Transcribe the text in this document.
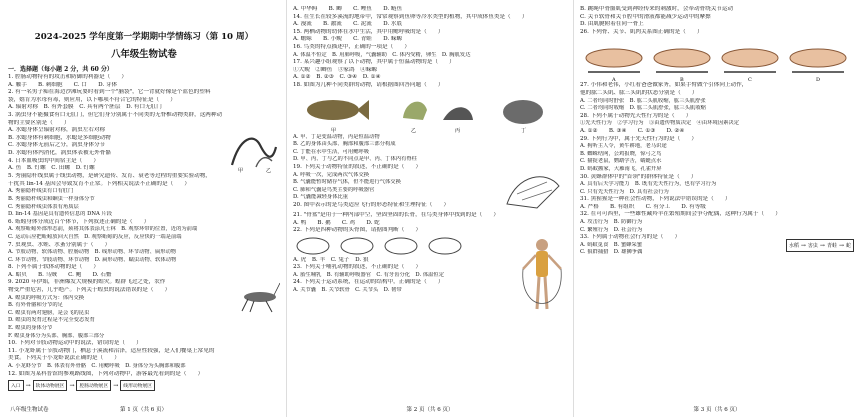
2024-2025 学年度第一学期期中学情练习（第 10 周）
八年级生物试卷
一．选择题（每小题 2 分，共 60 分）
1. 腔肠动物特有的攻击和防御的利器是（　　）
A. 触手　　 B. 刺细胞　　 C. 口　　 D. 芽体
2. 有一名男子痴在海边沙滩玩耍时看到一个"脑袋"，它一背就好像是个蓝色的塑料
袋，嬉肯为水母有毒，则应用，以下哪项不符合它的特征是（　　）
A. 辐射对称　 B. 有外套膜　 C. 具有两个胚层　 D. 有口无肛门
3. 涡虫身不能摄食有口无肛门，但它们身分别属于不同类的无脊椎动物类群，这两种动
物的主要区别是（　　）
A. 水螅身体呈辐射对称，涡虫左右对称
B. 水螅身体有刺细胞，水螅是多细胞动物
C. 水螅身体无前后之分，涡虫身体分节
D. 水螅有体内消化，涡虫体表被无外骨骼
4. 日本血吸虫的中间宿主是（　　）
A. 鱼　 B. 钉螺　 C. 田螺　 D. 钉螺
甲	乙
5. 秀丽隐杆线虫属于线虫动物，是研究遗传、发育、衰老等过程的重要实验动物，
干扰其 lin-14 基因会导致发育不正常。下列相关说法不正确的是（　　）
A. 秀丽隐杆线虫有口有肛门
B. 秀丽隐杆线虫和蛔虫一样身体分节
C. 秀丽隐杆线虫体表有角质层
D. lin-14 基因是具有遗传信息的 DNA 片段
6. 蚯蚓身体分成近百个体节，下列叙述正确的是（　　）
A. 观察蚯蚓外部形态前，须将其体表涂凡士林　 B. 观察环带的位置，近的为前端
C. 运动后应把蚯蚓放回大自然　 D. 观察蚯蚓的反应，反应快的一端是前端
7. 虫观虫、水蛭、水蚤分别属于（　　）
A. 节肢动物、软体动物、腔肠动物　 B. 线形动物、环节动物、扁形动物
C. 环节动物、节肢动物、环节动物　 D. 扁形动物、蠕虫动物、软体动物
8. 下列不属于软体动物的是（　　）
A. 蛤贝　　 B. 乌贼　　 C. 鲍　　 D. 石鳖
9. 2020 年伊始，非洲爆发大规模的蝗灾。蝗群飞过之处，农作
物受严重危害，几乎绝产。下列关于蝗虫的说法错误的是（　　）
A. 蝗虫的呼吸方式为：体内交换
B. 有外骨骼和分节的足
C. 蝗虫有两对翅膀，是会飞的昆虫
D. 蝗虫的发育过程是不完全变态发育
E. 蝗虫的身体分节
F. 蝗虫身体分为头部、胸部、腹部三部分
10. 下列对节肢动物运动中的说法，错误的是（　　）
11. 小龙虾属于节肢动物门，栖息于溪流和沼泽，适应性较强，是人们餐桌上常见的
美食。下列关于小龙虾说法正确的是（　　）
A. 小龙虾分节　 B. 体表有外骨骼　 C. 用鳃呼吸　 D. 身体分为头胸部和腹部
12. 如图为某科普馆的参观路线图，下列对动物中，游客最先看到的是（　　）
入口 →	软体动物展区 →	腔肠动物展区 →	线形动物展区
八年级生物试卷	第 1 页（共 6 页）
A. 中华鲟　　 B. 鲫　　 C. 鲤鱼　　 D. 鲢鱼
14. 在生长在较多溪流的地带中，常常观察到鱼卵等冷水类型的植物，其中成体鱼类是（　　）
A. 漫流　　 B. 激流　　 C. 泥流　　 D. 水底
15. 两栖动物的幼体在水中生活，其中用鳃呼吸的是（　　）
A. 蟾蜍　　 B. 小鲵　　 C. 青蛙　　 D. 蝾螈
16. 鸟类的特点描述中，正确的一项是（　　）
A. 体温不恒定　 B. 用肺呼吸，气囊辅助　 C. 体内受精，卵生　 D. 胸肌发达
17. 某兴趣小组观察了以下动物，其中属于恒温动物的是（　　）
①大鲵　 ②鲫鱼　 ③家鸽　 ④蝾螈
A. ①②　B. ②③　C. ③④　D. ①④
18. 如图为几种不同类群的动物，请根据图回答问题（　　）
甲	乙	丙	丁
A. 甲、丁是变温动物，丙是恒温动物
B. 乙的身体由头部、胸部和腹部三部分构成
C. 丁能在水中生活，可用鳃呼吸
D. 甲、丙、丁与乙的不同点是甲、丙、丁体内有脊柱
19. 下列关于动物特征的叙述，不正确的是（　　）
A. 呼吸一次，完成两次气体交换
B. 气囊能暂时储存气体，但不能进行气体交换
C. 肺和气囊是鸟类主要的呼吸器官
D. 气囊能减轻身体比重
20. 图中表示的是鸟类适应飞行的形态特征和生理特征（　　）
21. "骨盆"是用于一种内部中空，坚固坚固的长骨，在鸟类身体中找到的是（　　）
A. 鸭　　 B. 鹅　　 C. 鸡　　 D. 蛇
22. 下列是四种动物的头骨图，请据图判断（　　）
A. 虎　 B. 羊　 C. 兔子　 D. 狼
23. 下列关于哺乳动物的叙述，不正确的是（　　）
A. 胎生哺乳　 B. 有辅助呼吸器官　 C. 有牙齿分化　 D. 体温恒定
24. 下列关于运动系统，在运动的结构中，正确的是（　　）
A. 关节囊　 B. 关节软骨　 C. 关节头　 D. 韧带
第 2 页（共 6 页）
B. 跳绳中骨骼肌受到神经传来的刺激时，会牵动骨绕关节运动
C. 关节软骨和关节腔中的滑液都能减少运动中的摩擦
D. 由肌腱附着在同一骨上
26. 下列骨、关节、肌肉关系图正确的是（　　）
A	B	C	D
27. 小伟和老伟，小红看爸爸做家务，如果手臂做个引体向上动作，
他的肱二头肌、肱三头肌的状态分别是（　　）
A. 二者均同时舒张　 B. 肱二头肌收缩，肱三头肌舒张
C. 二者均同时收缩　 D. 肱二头肌舒张，肱三头肌收缩
28. 下列不属于动物先天性行为的是（　　）
①先天性行为　 ②学习行为　 ③由遗传物质决定　 ④由环境因素决定
A. ①②　　B. ③④　　C. ①③　　D. ②④
29. 下列行为中，属于先天性行为的是（　　）
A. 狗听主人令，黄牛耕地，老马识途
B. 蜘蛛结网，公鸡报晓，惊弓之鸟
C. 猫捉老鼠，鹦鹉学舌，蜻蜓点水
D. 蚂蚁搬家，大雁南飞，孔雀开屏
30. 黄蜂群体中的"首领"的群体特征是（　　）
A. 具有后天学习能力　 B. 既有先天性行为，也有学习行为
C. 只有先天性行为　 D. 具有社会行为
31. 黑猩猩是一种社会性动物，下列说法中错误的是（　　）
A. 严格　　 B. 有组织　　 C. 有分工　　 D. 有等级
32. 在可可西里，一些雄性藏羚羊在繁殖期间会争夺配偶，这种行为属于（　　）
A. 攻击行为　 B. 防御行为
C. 繁殖行为　 D. 社会行为
33. 下列属于动物社会行为的是（　　）
A. 蚂蚁觅食　 B. 蜜蜂采蜜
C. 狼群捕猎　 D. 雄狮争偶
水稻 → 害虫 → 青蛙 → 蛇
第 3 页（共 6 页）
